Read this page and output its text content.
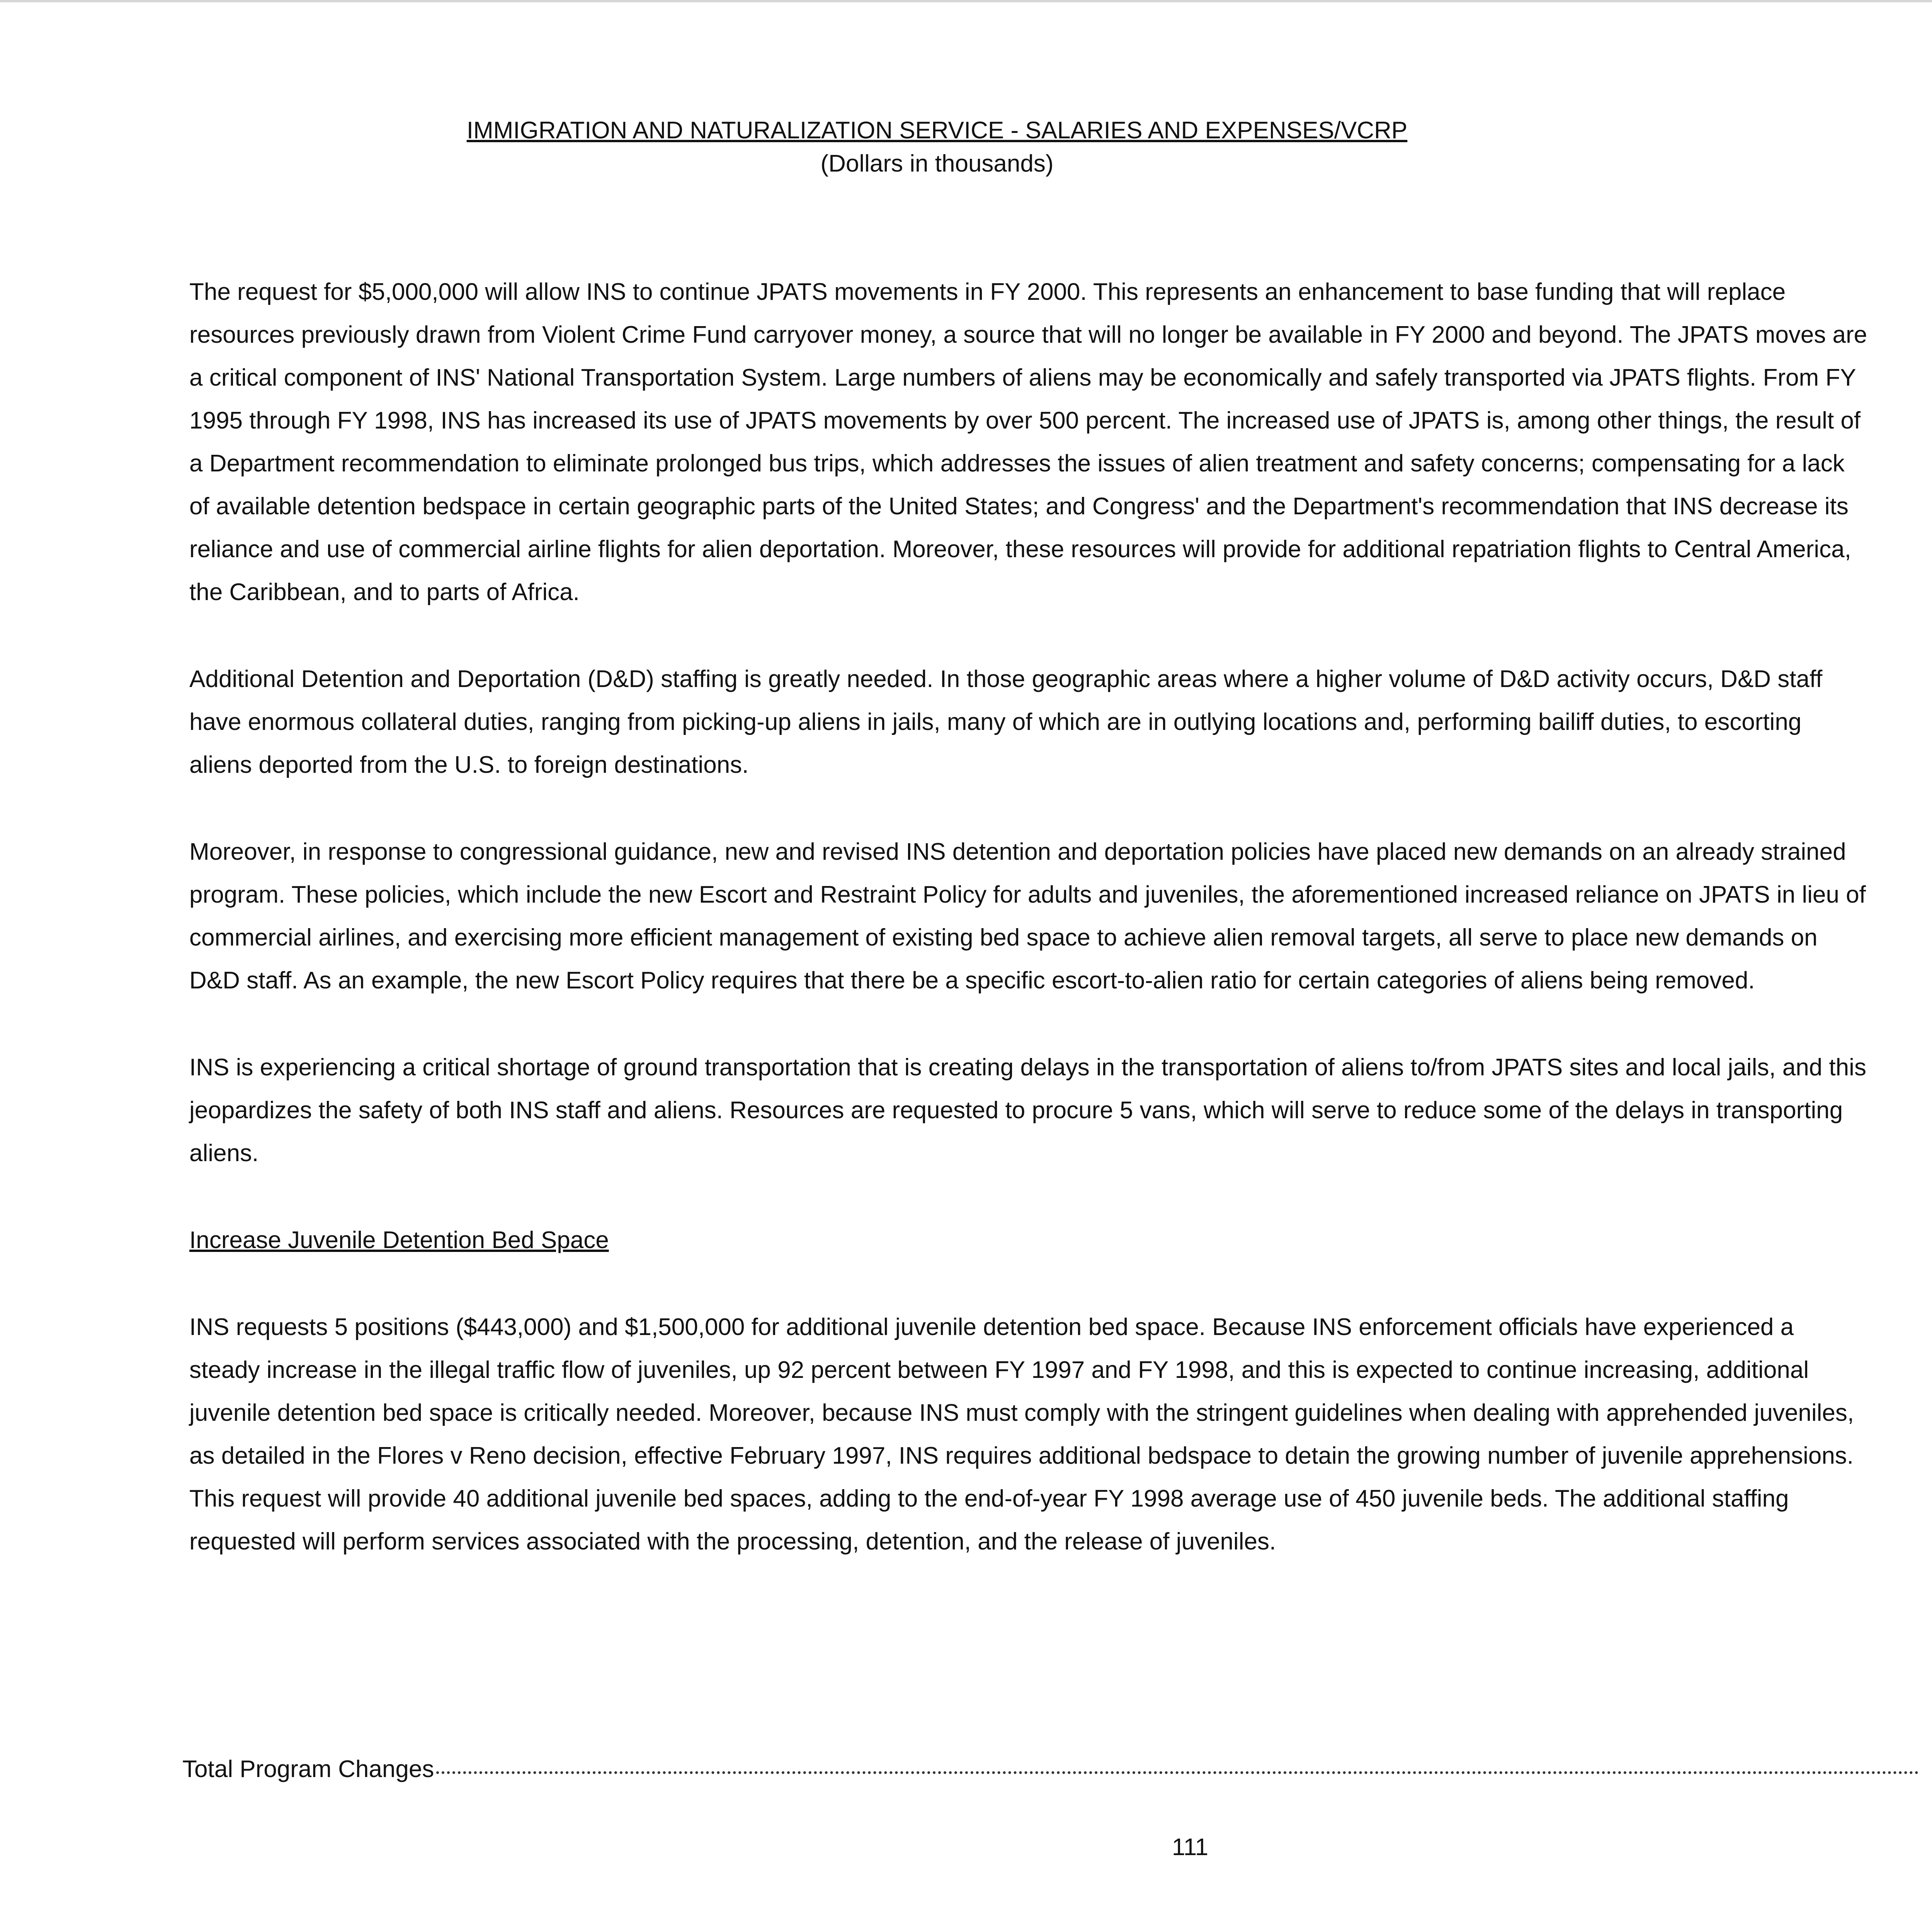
IMMIGRATION AND NATURALIZATION SERVICE - SALARIES AND EXPENSES/VCRP
(Dollars in thousands)

The request for $5,000,000 will allow INS to continue JPATS movements in FY 2000. This represents an enhancement to base funding that will replace resources previously drawn from Violent Crime Fund carryover money, a source that will no longer be available in FY 2000 and beyond. The JPATS moves are a critical component of INS' National Transportation System. Large numbers of aliens may be economically and safely transported via JPATS flights. From FY 1995 through FY 1998, INS has increased its use of JPATS movements by over 500 percent. The increased use of JPATS is, among other things, the result of a Department recommendation to eliminate prolonged bus trips, which addresses the issues of alien treatment and safety concerns; compensating for a lack of available detention bedspace in certain geographic parts of the United States; and Congress' and the Department's recommendation that INS decrease its reliance and use of commercial airline flights for alien deportation. Moreover, these resources will provide for additional repatriation flights to Central America, the Caribbean, and to parts of Africa.

Additional Detention and Deportation (D&D) staffing is greatly needed. In those geographic areas where a higher volume of D&D activity occurs, D&D staff have enormous collateral duties, ranging from picking-up aliens in jails, many of which are in outlying locations and, performing bailiff duties, to escorting aliens deported from the U.S. to foreign destinations.

Moreover, in response to congressional guidance, new and revised INS detention and deportation policies have placed new demands on an already strained program. These policies, which include the new Escort and Restraint Policy for adults and juveniles, the aforementioned increased reliance on JPATS in lieu of commercial airlines, and exercising more efficient management of existing bed space to achieve alien removal targets, all serve to place new demands on D&D staff. As an example, the new Escort Policy requires that there be a specific escort-to-alien ratio for certain categories of aliens being removed.

INS is experiencing a critical shortage of ground transportation that is creating delays in the transportation of aliens to/from JPATS sites and local jails, and this jeopardizes the safety of both INS staff and aliens. Resources are requested to procure 5 vans, which will serve to reduce some of the delays in transporting aliens.

Increase Juvenile Detention Bed Space

INS requests 5 positions ($443,000) and $1,500,000 for additional juvenile detention bed space. Because INS enforcement officials have experienced a steady increase in the illegal traffic flow of juveniles, up 92 percent between FY 1997 and FY 1998, and this is expected to continue increasing, additional juvenile detention bed space is critically needed. Moreover, because INS must comply with the stringent guidelines when dealing with apprehended juveniles, as detailed in the Flores v Reno decision, effective February 1997, INS requires additional bedspace to detain the growing number of juvenile apprehensions. This request will provide 40 additional juvenile bed spaces, adding to the end-of-year FY 1998 average use of 450 juvenile beds. The additional staffing requested will perform services associated with the processing, detention, and the release of juveniles.

Total Program Changes
111
